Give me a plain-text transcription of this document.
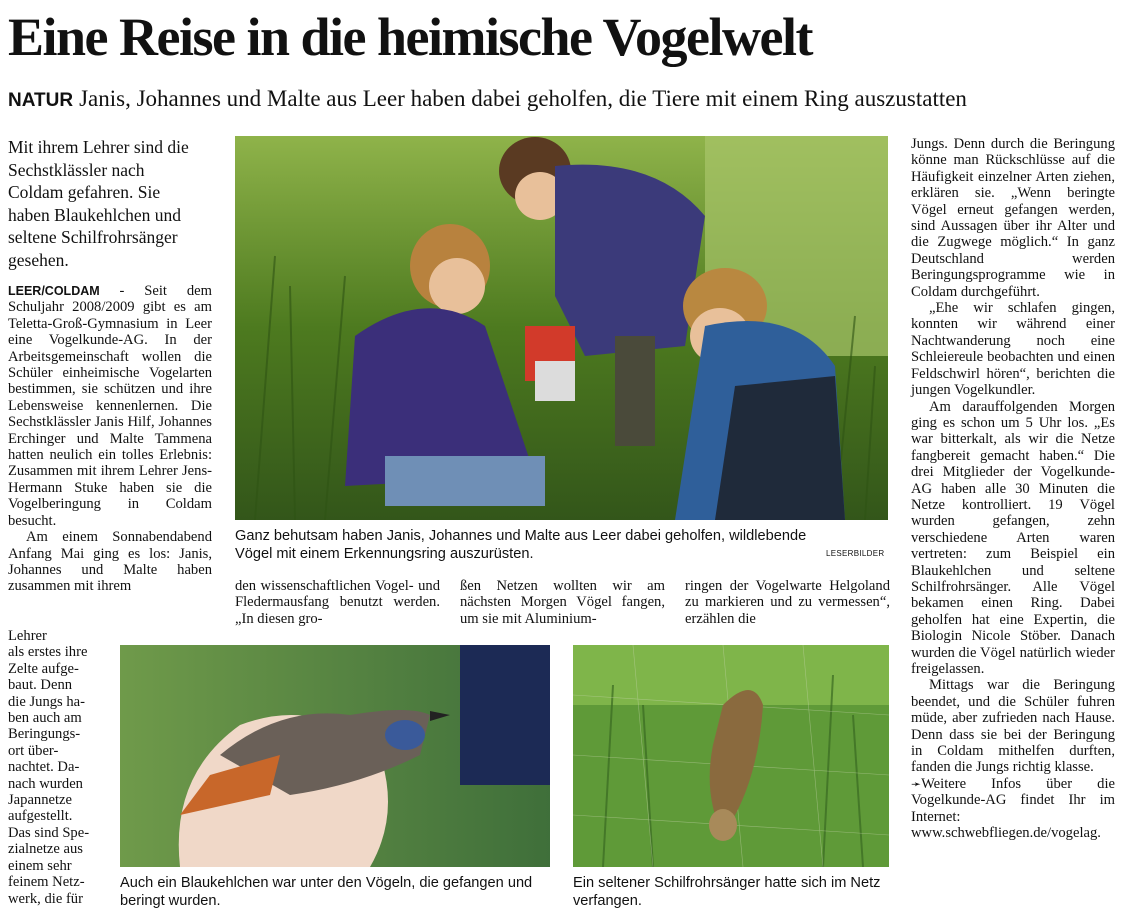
Eine Reise in die heimische Vogelwelt
NATUR Janis, Johannes und Malte aus Leer haben dabei geholfen, die Tiere mit einem Ring auszustatten
Mit ihrem Lehrer sind die Sechstklässler nach Coldam gefahren. Sie haben Blaukehlchen und seltene Schilfrohrsänger gesehen.

LEER/COLDAM - Seit dem Schuljahr 2008/2009 gibt es am Teletta-Groß-Gymnasium in Leer eine Vogelkunde-AG. In der Arbeitsgemeinschaft wollen die Schüler einheimische Vogelarten bestimmen, sie schützen und ihre Lebensweise kennenlernen. Die Sechstklässler Janis Hilf, Johannes Erchinger und Malte Tammena hatten neulich ein tolles Erlebnis: Zusammen mit ihrem Lehrer Jens-Hermann Stuke haben sie die Vogelberingung in Coldam besucht.

Am einem Sonnabendabend Anfang Mai ging es los: Janis, Johannes und Malte haben zusammen mit ihrem

Lehrer
als erstes ihre
Zelte aufge-
baut. Denn
die Jungs ha-
ben auch am
Beringungs-
ort über-
nachtet. Da-
nach wurden
Japannetze
aufgestellt.
Das sind Spe-
zialnetze aus
einem sehr
feinem Netz-
werk, die für
Ganz behutsam haben Janis, Johannes und Malte aus Leer dabei geholfen, wildlebende Vögel mit einem Erkennungsring auszurüsten.	LESERBILDER
den wissenschaftlichen Vogel- und Fledermausfang benutzt werden. „In diesen gro-
ßen Netzen wollten wir am nächsten Morgen Vögel fangen, um sie mit Aluminium-
ringen der Vogelwarte Helgoland zu markieren und zu vermessen“, erzählen die
Auch ein Blaukehlchen war unter den Vögeln, die gefangen und beringt wurden.
Ein seltener Schilfrohrsänger hatte sich im Netz verfangen.

Jungs. Denn durch die Beringung könne man Rückschlüsse auf die Häufigkeit einzelner Arten ziehen, erklären sie. „Wenn beringte Vögel erneut gefangen werden, sind Aussagen über ihr Alter und die Zugwege möglich.“ In ganz Deutschland werden Beringungsprogramme wie in Coldam durchgeführt.

„Ehe wir schlafen gingen, konnten wir während einer Nachtwanderung noch eine Schleiereule beobachten und einen Feldschwirl hören“, berichten die jungen Vogelkundler.

Am darauffolgenden Morgen ging es schon um 5 Uhr los. „Es war bitterkalt, als wir die Netze fangbereit gemacht haben.“ Die drei Mitglieder der Vogelkunde-AG haben alle 30 Minuten die Netze kontrolliert. 19 Vögel wurden gefangen, zehn verschiedene Arten waren vertreten: zum Beispiel ein Blaukehlchen und seltene Schilfrohrsänger. Alle Vögel bekamen einen Ring. Dabei geholfen hat eine Expertin, die Biologin Nicole Stöber. Danach wurden die Vögel natürlich wieder freigelassen.

Mittags war die Beringung beendet, und die Schüler fuhren müde, aber zufrieden nach Hause. Denn dass sie bei der Beringung in Coldam mithelfen durften, fanden die Jungs richtig klasse.

➛Weitere Infos über die Vogelkunde-AG findet Ihr im Internet: www.schwebfliegen.de/vogelag.
